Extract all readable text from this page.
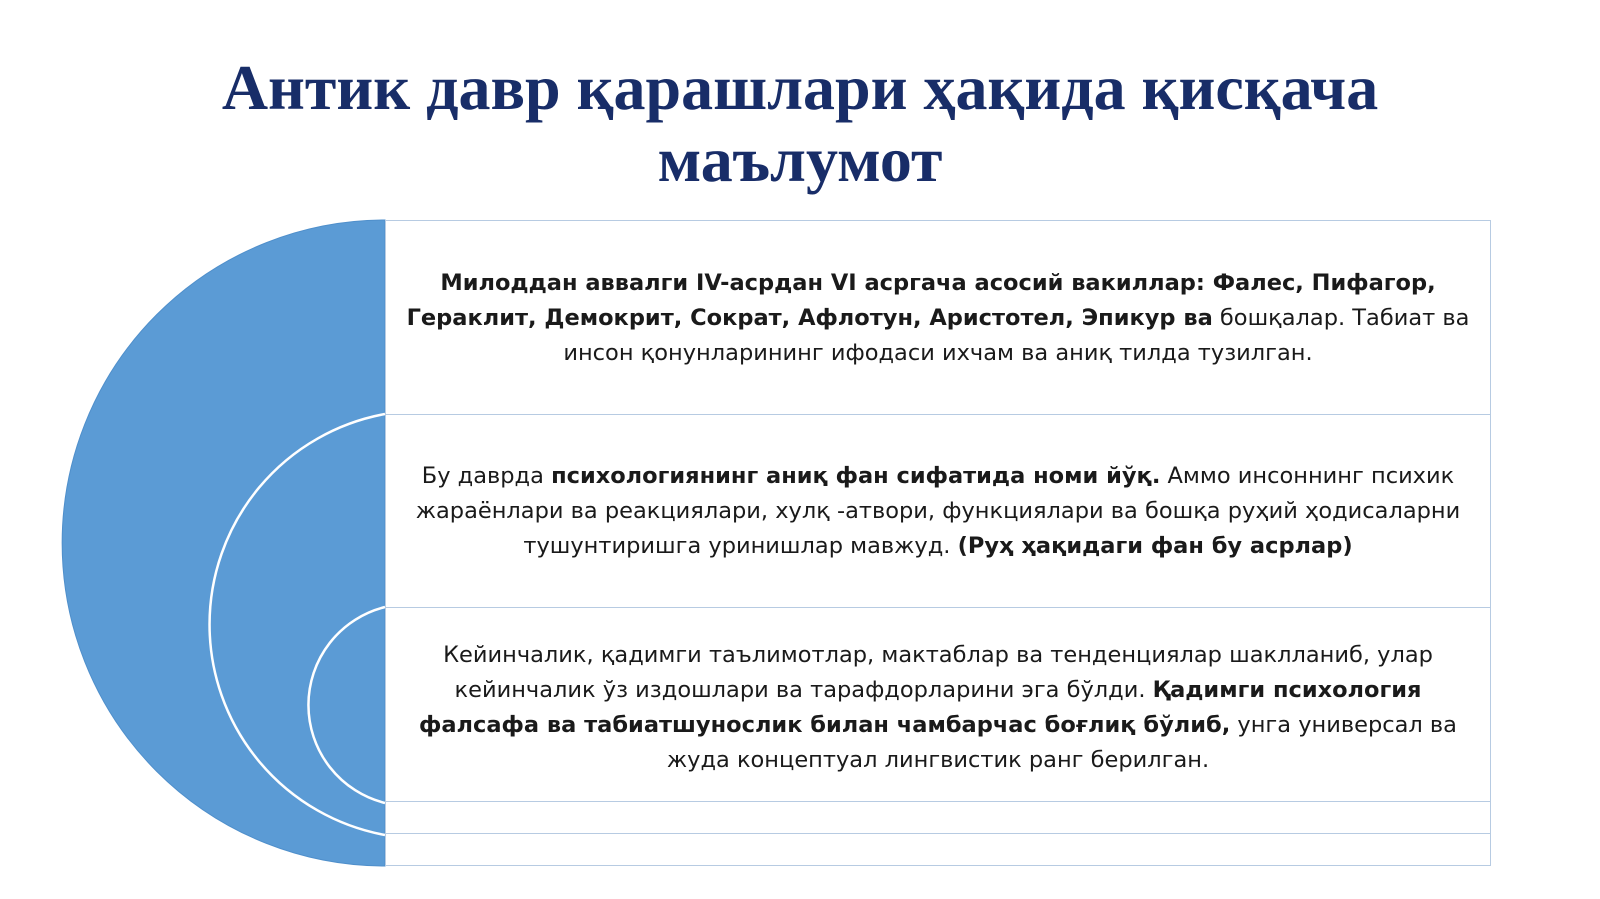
Антик давр қарашлари ҳақида қисқача
маълумот

Милоддан аввалги IV-асрдан VI асргача асосий вакиллар: Фалес, Пифагор, Гераклит, Демокрит, Сократ, Афлотун, Аристотел, Эпикур ва бошқалар. Табиат ва инсон қонунларининг ифодаси ихчам ва аниқ тилда тузилган.

Бу даврда психологиянинг аниқ фан сифатида номи йўқ. Аммо инсоннинг психик жараёнлари ва реакциялари, хулқ -атвори, функциялари ва бошқа руҳий ҳодисаларни тушунтиришга уринишлар мавжуд. (Руҳ ҳақидаги фан бу асрлар)

Кейинчалик, қадимги таълимотлар, мактаблар ва тенденциялар шаклланиб, улар кейинчалик ўз издошлари ва тарафдорларини эга бўлди. Қадимги психология фалсафа ва табиатшунослик билан чамбарчас боғлиқ бўлиб, унга универсал ва жуда концептуал лингвистик ранг берилган.
